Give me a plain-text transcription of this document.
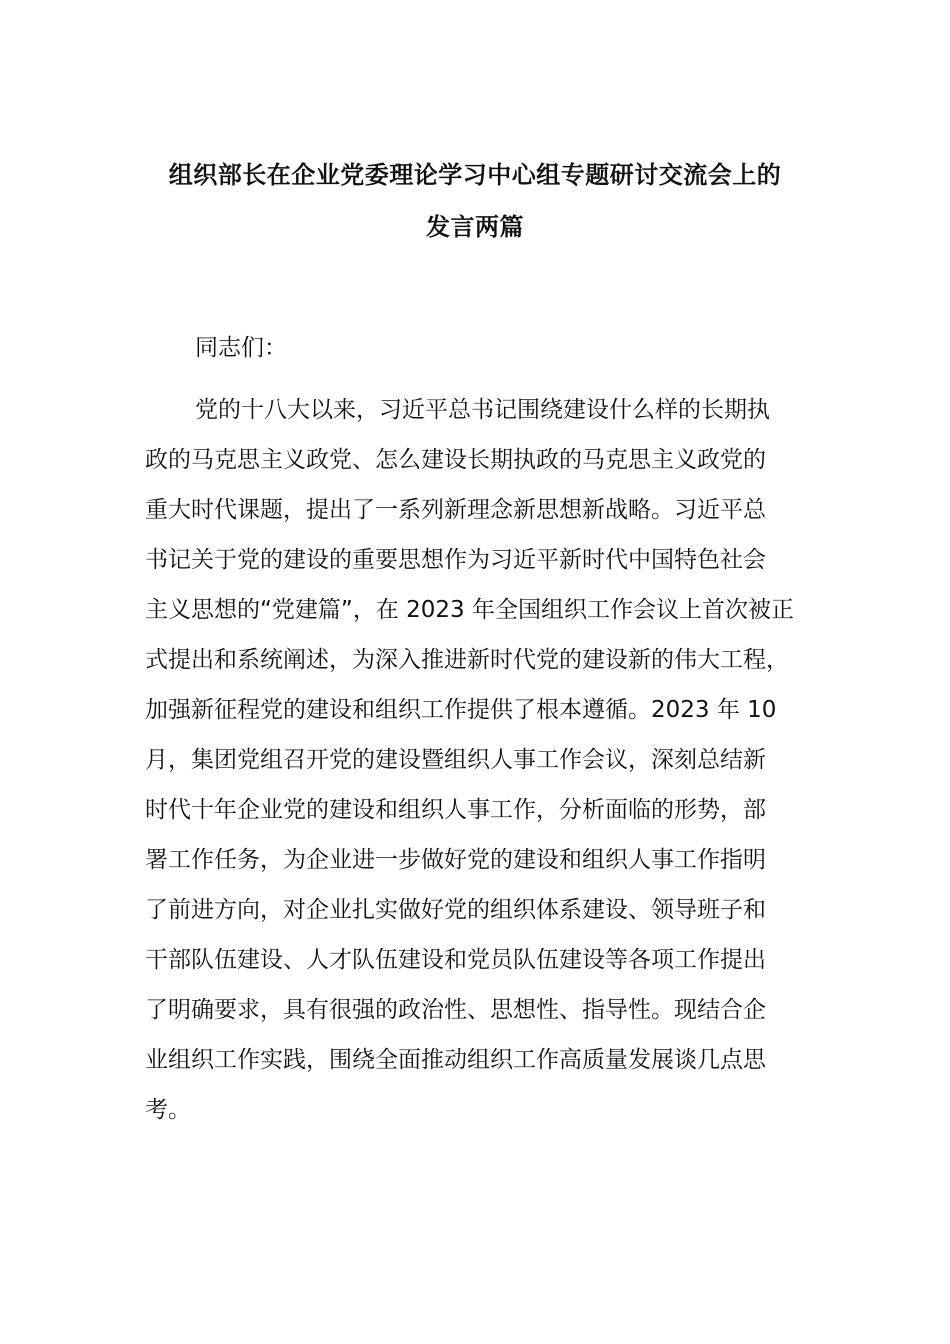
组织部长在企业党委理论学习中心组专题研讨交流会上的
发言两篇
同志们：
党的十八大以来，习近平总书记围绕建设什么样的长期执
政的马克思主义政党、怎么建设长期执政的马克思主义政党的
重大时代课题，提出了一系列新理念新思想新战略。习近平总
书记关于党的建设的重要思想作为习近平新时代中国特色社会
主义思想的“党建篇”，在 2023 年全国组织工作会议上首次被正
式提出和系统阐述，为深入推进新时代党的建设新的伟大工程，
加强新征程党的建设和组织工作提供了根本遵循。2023 年 10
月，集团党组召开党的建设暨组织人事工作会议，深刻总结新
时代十年企业党的建设和组织人事工作，分析面临的形势，部
署工作任务，为企业进一步做好党的建设和组织人事工作指明
了前进方向，对企业扎实做好党的组织体系建设、领导班子和
干部队伍建设、人才队伍建设和党员队伍建设等各项工作提出
了明确要求，具有很强的政治性、思想性、指导性。现结合企
业组织工作实践，围绕全面推动组织工作高质量发展谈几点思
考。
